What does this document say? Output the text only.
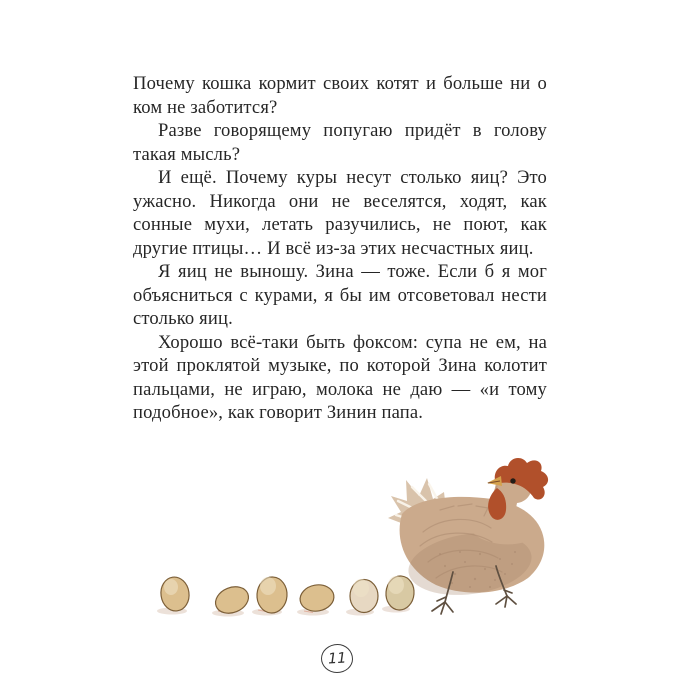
Почему кошка кормит своих котят и больше ни о ком не заботится?

Разве говорящему попугаю придёт в голову такая мысль?

И ещё. Почему куры несут столько яиц? Это ужасно. Никогда они не веселятся, ходят, как сонные мухи, летать разучились, не поют, как другие птицы… И всё из-за этих несчастных яиц.

Я яиц не выношу. Зина — тоже. Если б я мог объясниться с курами, я бы им отсоветовал нести столько яиц.

Хорошо всё-таки быть фоксом: супа не ем, на этой проклятой музыке, по которой Зина колотит пальцами, не играю, молока не даю — «и тому подобное», как говорит Зинин папа.

11
